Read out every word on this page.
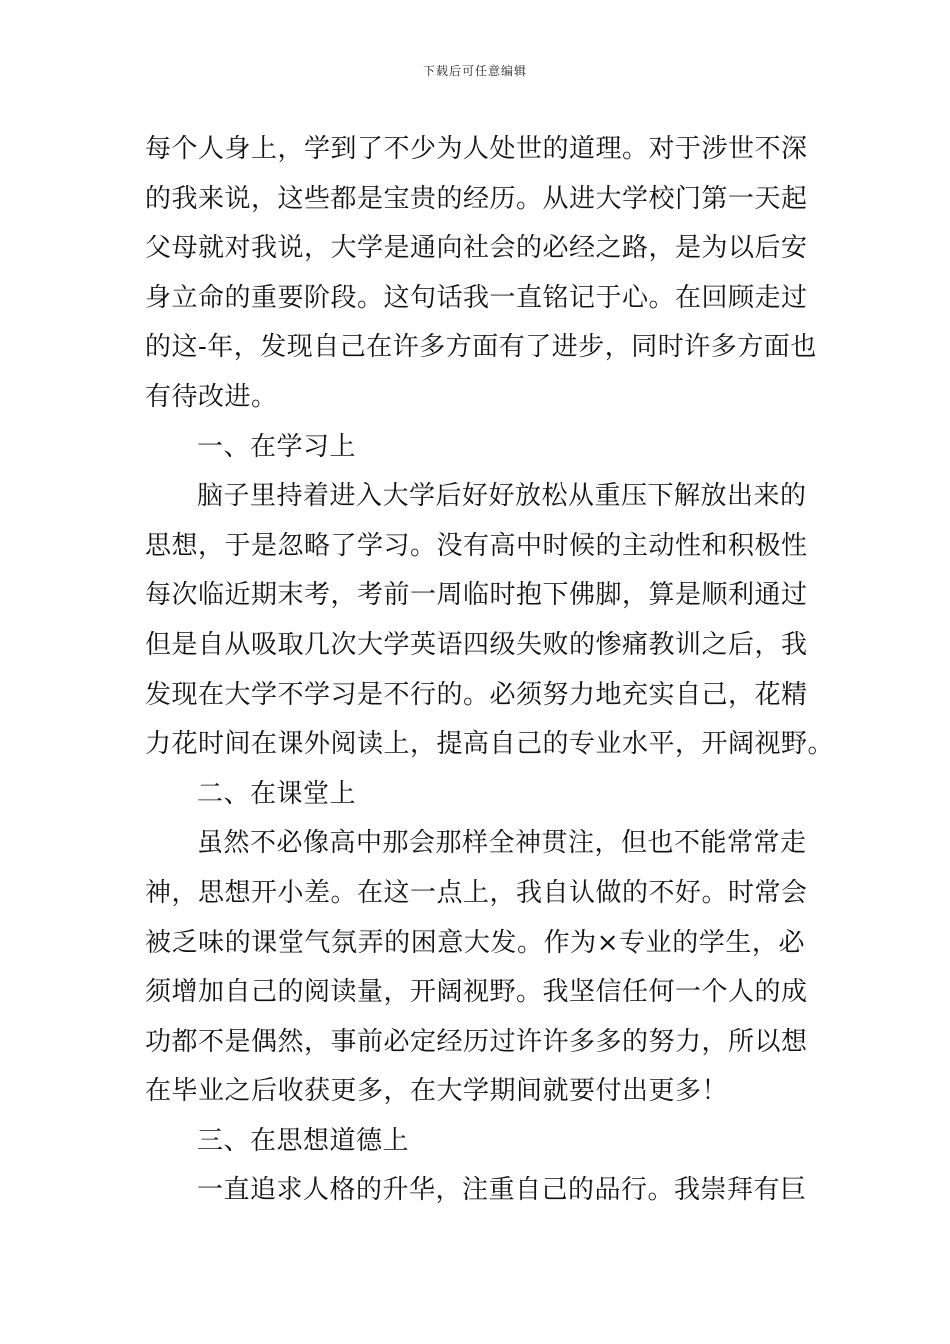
下载后可任意编辑
每个人身上，学到了不少为人处世的道理。对于涉世不深
的我来说，这些都是宝贵的经历。从进大学校门第一天起
父母就对我说，大学是通向社会的必经之路，是为以后安
身立命的重要阶段。这句话我一直铭记于心。在回顾走过
的这-年，发现自己在许多方面有了进步，同时许多方面也
有待改进。
一、在学习上
脑子里持着进入大学后好好放松从重压下解放出来的
思想，于是忽略了学习。没有高中时候的主动性和积极性
每次临近期末考，考前一周临时抱下佛脚，算是顺利通过
但是自从吸取几次大学英语四级失败的惨痛教训之后，我
发现在大学不学习是不行的。必须努力地充实自己，花精
力花时间在课外阅读上，提高自己的专业水平，开阔视野。
二、在课堂上
虽然不必像高中那会那样全神贯注，但也不能常常走
神，思想开小差。在这一点上，我自认做的不好。时常会
被乏味的课堂气氛弄的困意大发。作为×专业的学生，必
须增加自己的阅读量，开阔视野。我坚信任何一个人的成
功都不是偶然，事前必定经历过许许多多的努力，所以想
在毕业之后收获更多，在大学期间就要付出更多！
三、在思想道德上
一直追求人格的升华，注重自己的品行。我崇拜有巨
